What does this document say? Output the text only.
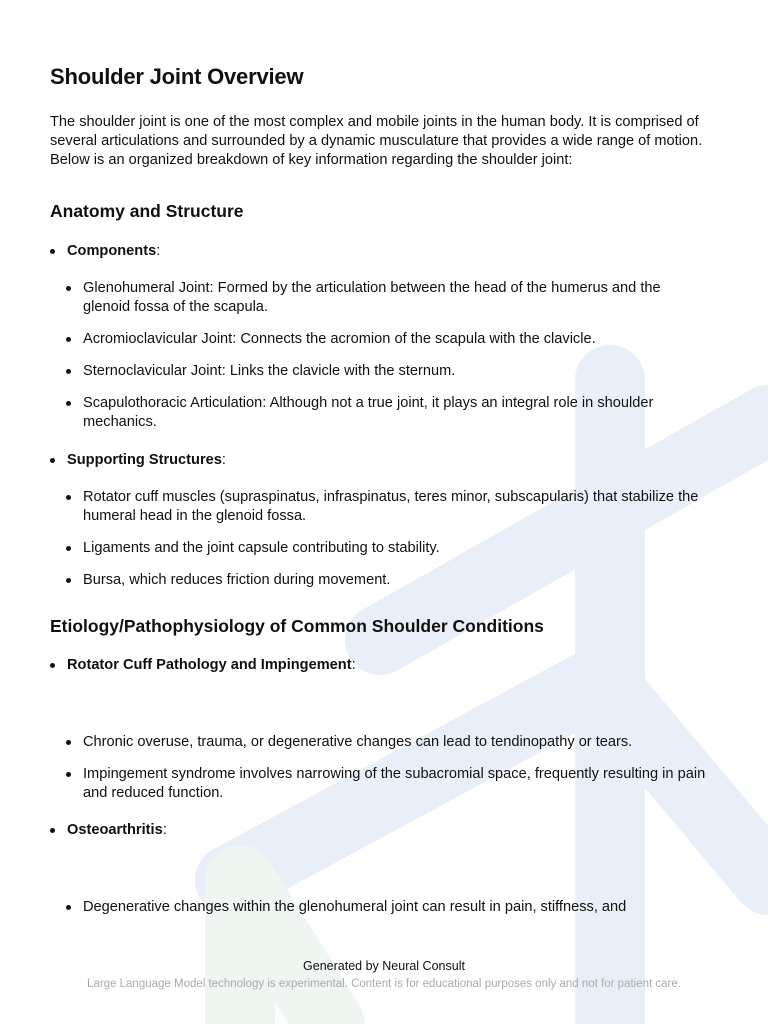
Shoulder Joint Overview

The shoulder joint is one of the most complex and mobile joints in the human body. It is comprised of several articulations and surrounded by a dynamic musculature that provides a wide range of motion. Below is an organized breakdown of key information regarding the shoulder joint:

Anatomy and Structure
Components:
Glenohumeral Joint: Formed by the articulation between the head of the humerus and the glenoid fossa of the scapula.
Acromioclavicular Joint: Connects the acromion of the scapula with the clavicle.
Sternoclavicular Joint: Links the clavicle with the sternum.
Scapulothoracic Articulation: Although not a true joint, it plays an integral role in shoulder mechanics.
Supporting Structures:
Rotator cuff muscles (supraspinatus, infraspinatus, teres minor, subscapularis) that stabilize the humeral head in the glenoid fossa.
Ligaments and the joint capsule contributing to stability.
Bursa, which reduces friction during movement.
Etiology/Pathophysiology of Common Shoulder Conditions
Rotator Cuff Pathology and Impingement:
Chronic overuse, trauma, or degenerative changes can lead to tendinopathy or tears.
Impingement syndrome involves narrowing of the subacromial space, frequently resulting in pain and reduced function.
Osteoarthritis:
Degenerative changes within the glenohumeral joint can result in pain, stiffness, and
Generated by Neural Consult
Large Language Model technology is experimental. Content is for educational purposes only and not for patient care.
